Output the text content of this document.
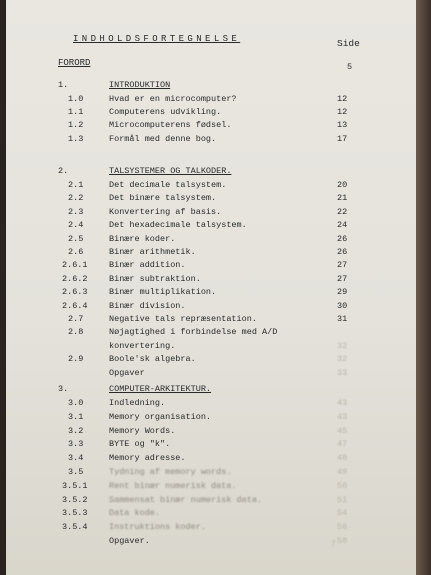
INDHOLDSFORTEGNELSE	Side
FORORD	5
1.	INTRODUKTION
1.0	Hvad er en microcomputer?	12
1.1	Computerens udvikling.	12
1.2	Microcomputerens fødsel.	13
1.3	Formål med denne bog.	17
2.	TALSYSTEMER OG TALKODER.
2.1	Det decimale talsystem.	20
2.2	Det binære talsystem.	21
2.3	Konvertering af basis.	22
2.4	Det hexadecimale talsystem.	24
2.5	Binære koder.	26
2.6	Binær arithmetik.	26
2.6.1	Binær addition.	27
2.6.2	Binær subtraktion.	27
2.6.3	Binær multiplikation.	29
2.6.4	Binær division.	30
2.7	Negative tals repræsentation.	31
2.8	Nøjagtighed i forbindelse med A/D
konvertering.	32
2.9	Boole'sk algebra.	32
Opgaver	33
3.	COMPUTER-ARKITEKTUR.
3.0	Indledning.	43
3.1	Memory organisation.	43
3.2	Memory Words.	45
3.3	BYTE og "k".	47
3.4	Memory adresse.	48
3.5	Tydning af memory words.	49
3.5.1	Rent binær numerisk data.	50
3.5.2	Sammensat binær numerisk data.	51
3.5.3	Data kode.	54
3.5.4	Instruktions koder.	56
Opgaver.	58
7
